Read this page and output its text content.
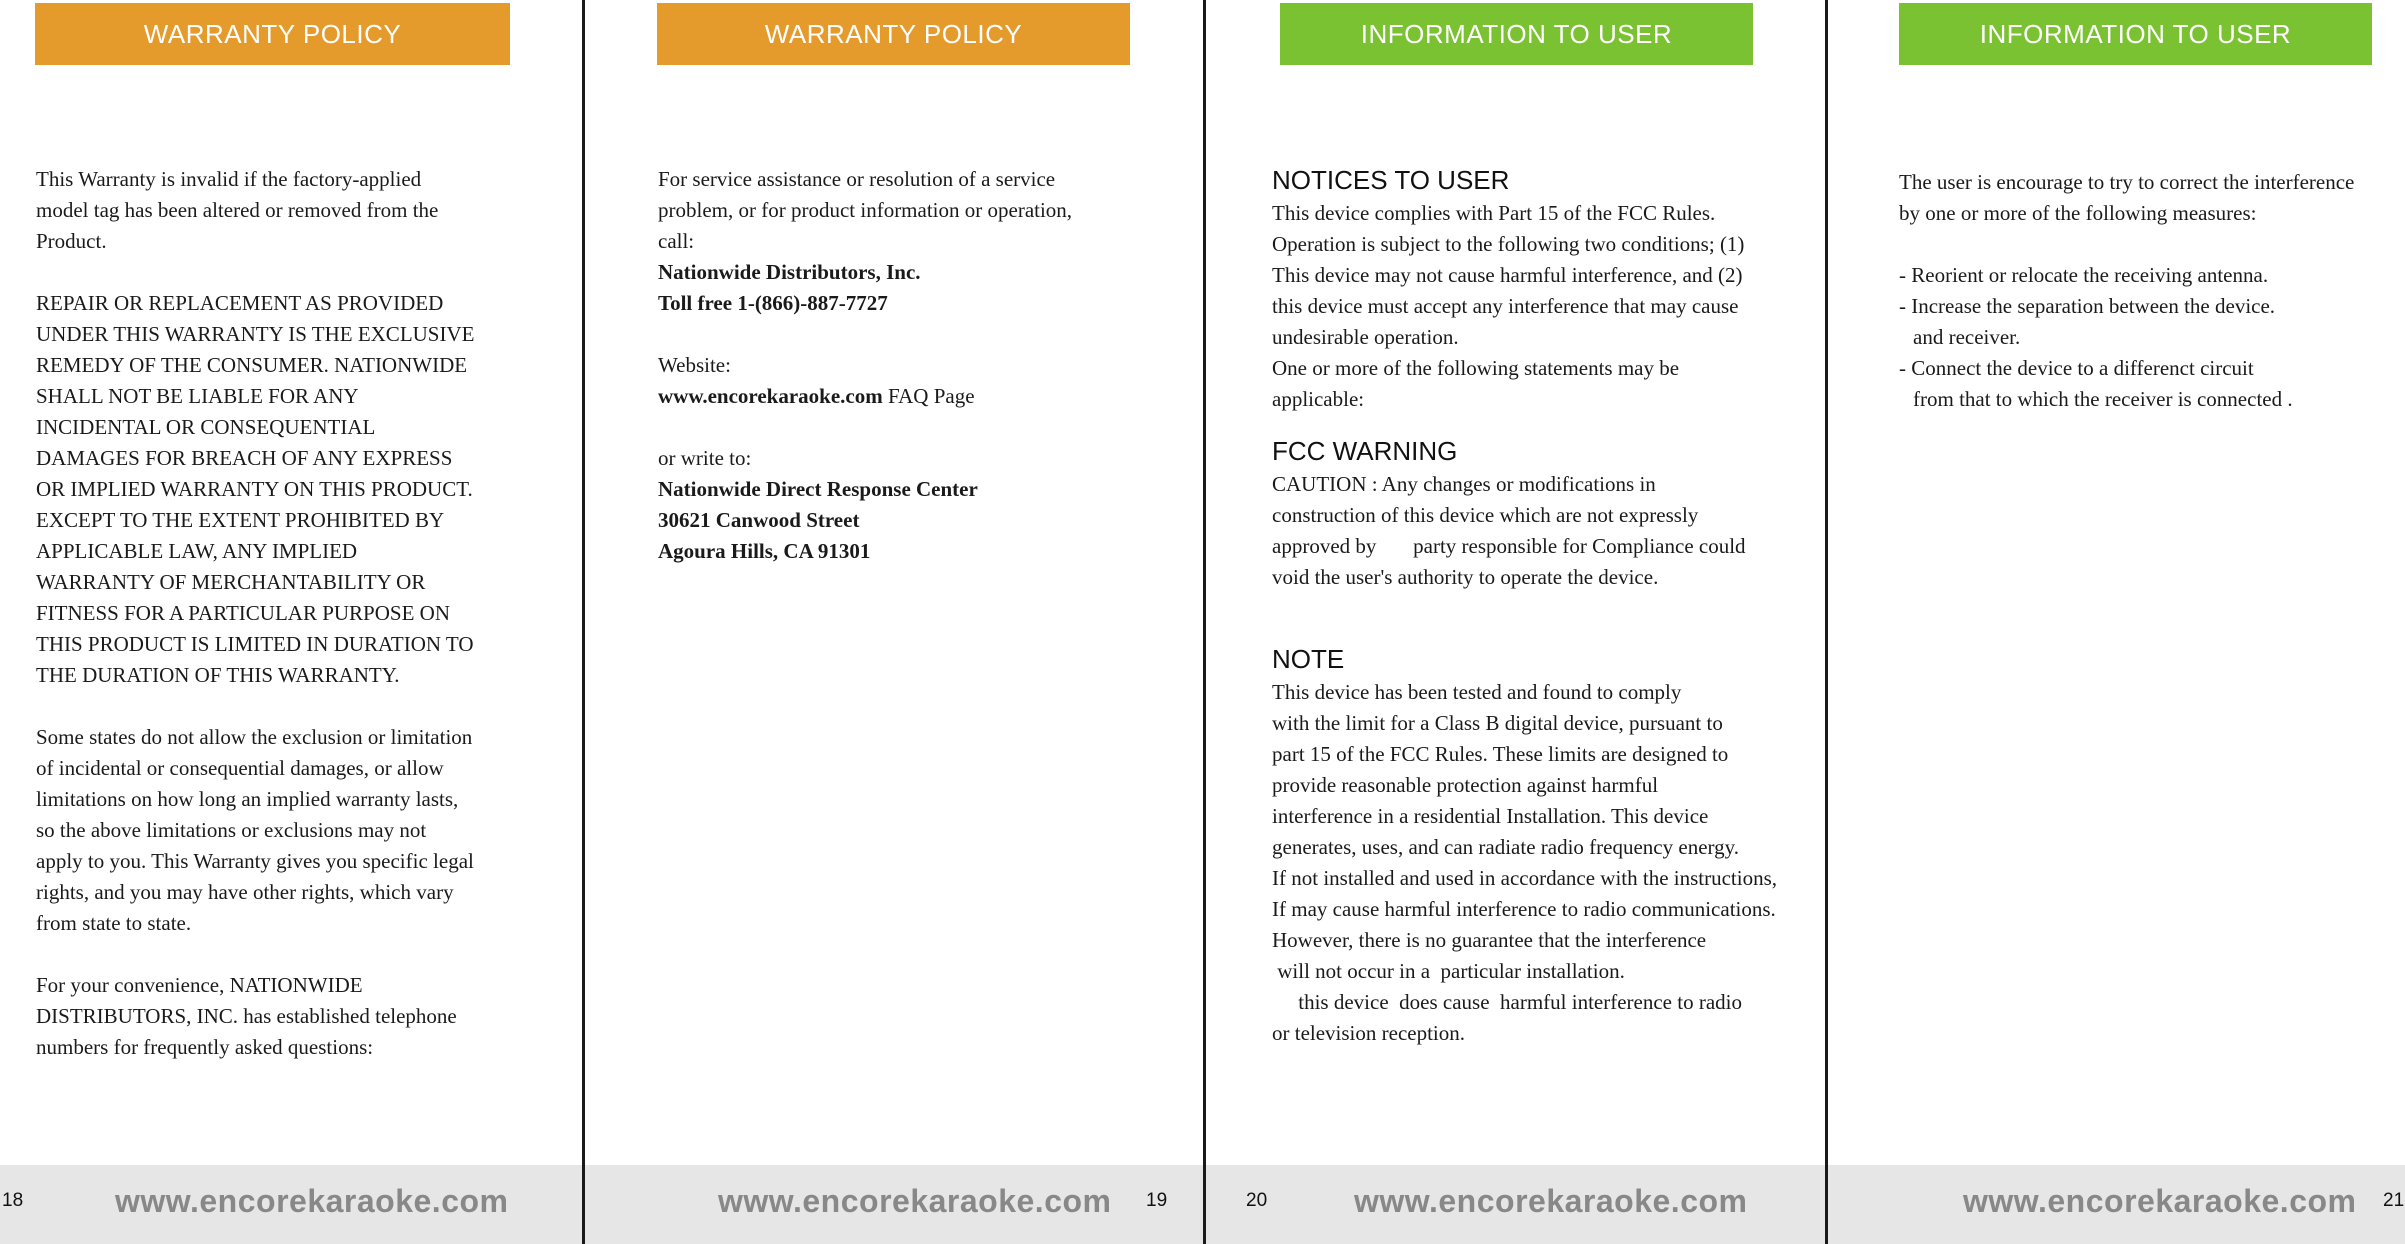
WARRANTY POLICY

This Warranty is invalid if the factory-applied
model tag has been altered or removed from the
Product.

REPAIR OR REPLACEMENT AS PROVIDED
UNDER THIS WARRANTY IS THE EXCLUSIVE
REMEDY OF THE CONSUMER. NATIONWIDE
SHALL NOT BE LIABLE FOR ANY
INCIDENTAL OR CONSEQUENTIAL
DAMAGES FOR BREACH OF ANY EXPRESS
OR IMPLIED WARRANTY ON THIS PRODUCT.
EXCEPT TO THE EXTENT PROHIBITED BY
APPLICABLE LAW, ANY IMPLIED
WARRANTY OF MERCHANTABILITY OR
FITNESS FOR A PARTICULAR PURPOSE ON
THIS PRODUCT IS LIMITED IN DURATION TO
THE DURATION OF THIS WARRANTY.

Some states do not allow the exclusion or limitation
of incidental or consequential damages, or allow
limitations on how long an implied warranty lasts,
so the above limitations or exclusions may not
apply to you. This Warranty gives you specific legal
rights, and you may have other rights, which vary
from state to state.

For your convenience, NATIONWIDE
DISTRIBUTORS, INC. has established telephone
numbers for frequently asked questions:

18	www.encorekaraoke.com
WARRANTY POLICY

For service assistance or resolution of a service
problem, or for product information or operation,
call:
Nationwide Distributors, Inc.
Toll free 1-(866)-887-7727

Website:
www.encorekaraoke.com FAQ Page

or write to:
Nationwide Direct Response Center
30621 Canwood Street
Agoura Hills, CA 91301

www.encorekaraoke.com 19
INFORMATION TO USER
NOTICES TO USER

This device complies with Part 15 of the FCC Rules.
Operation is subject to the following two conditions; (1)
This device may not cause harmful interference, and (2)
this device must accept any interference that may cause
undesirable operation.
One or more of the following statements may be
applicable:

FCC WARNING

CAUTION : Any changes or modifications in
construction of this device which are not expressly
approved by       party responsible for Compliance could
void the user's authority to operate the device.

NOTE

This device has been tested and found to comply
with the limit for a Class B digital device, pursuant to
part 15 of the FCC Rules. These limits are designed to
provide reasonable protection against harmful
interference in a residential Installation. This device
generates, uses, and can radiate radio frequency energy.
If not installed and used in accordance with the instructions,
If may cause harmful interference to radio communications.
However, there is no guarantee that the interference
will not occur in a  particular installation.
this device  does cause  harmful interference to radio
or television reception.

20	www.encorekaraoke.com
INFORMATION TO USER

The user is encourage to try to correct the interference
by one or more of the following measures:

- Reorient or relocate the receiving antenna.
- Increase the separation between the device.
and receiver.
- Connect the device to a differenct circuit
from that to which the receiver is connected .

www.encorekaraoke.com 21
